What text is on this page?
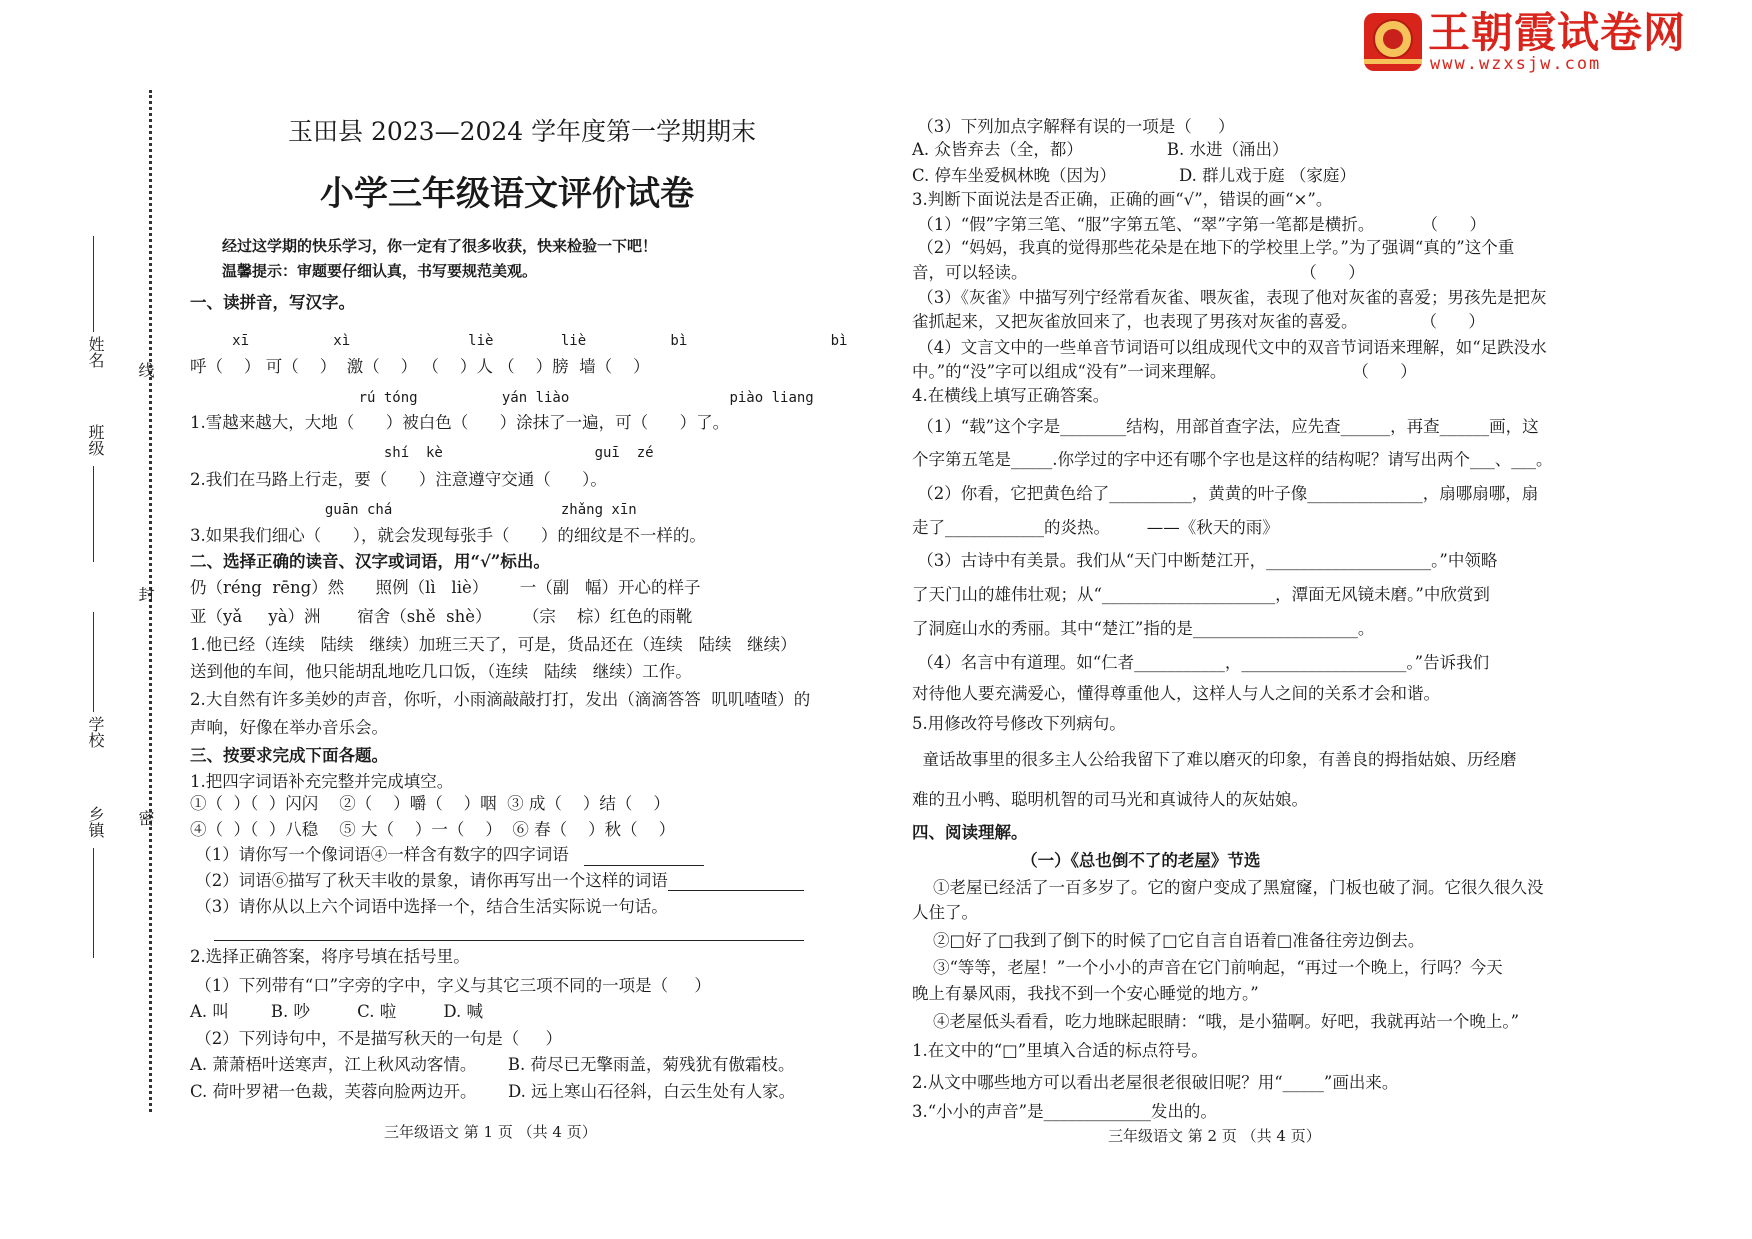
王朝霞试卷网
www.wzxsjw.com
姓名
班级
学校
乡镇
线
封
密
玉田县 2023—2024 学年度第一学期期末
小学三年级语文评价试卷
经过这学期的快乐学习，你一定有了很多收获，快来检验一下吧！
温馨提示：审题要仔细认真，书写要规范美观。
一、读拼音，写汉字。
xī          xì              liè        liè          bì                 bì
呼（    ） 可（    ）  激（    ） （    ）人 （    ）膀  墙（    ）
rú tóng          yán liào                   piào liang
1.雪越来越大，大地（      ）被白色（      ）涂抹了一遍，可（      ）了。
shí  kè                  guī  zé
2.我们在马路上行走，要（      ）注意遵守交通（      ）。
guān chá                    zhǎng xīn
3.如果我们细心（      ），就会发现每张手（      ）的细纹是不一样的。
二、选择正确的读音、汉字或词语，用“√”标出。
仍（réng  rēng）然      照例（lì   liè）      一（副   幅）开心的样子
亚（yǎ     yà）洲       宿舍（shě  shè）      （宗    棕）红色的雨靴
1.他已经（连续   陆续   继续）加班三天了，可是，货品还在（连续   陆续   继续）
送到他的车间，他只能胡乱地吃几口饭，（连续   陆续   继续）工作。
2.大自然有许多美妙的声音，你听，小雨滴敲敲打打，发出（滴滴答答  叽叽喳喳）的
声响，好像在举办音乐会。
三、按要求完成下面各题。
1.把四字词语补充完整并完成填空。
①（  ）（  ）闪闪    ②（    ）嚼（    ）咽  ③ 成（    ）结（    ）
④（  ）（  ）八稳    ⑤ 大（    ）一（    ）  ⑥ 春（    ）秋（    ）
（1）请你写一个像词语④一样含有数字的四字词语
（2）词语⑥描写了秋天丰收的景象，请你再写出一个这样的词语
（3）请你从以上六个词语中选择一个，结合生活实际说一句话。
2.选择正确答案，将序号填在括号里。
（1）下列带有“口”字旁的字中，字义与其它三项不同的一项是（     ）
A. 叫        B. 吵         C. 啦         D. 喊
（2）下列诗句中，不是描写秋天的一句是（     ）
A. 萧萧梧叶送寒声，江上秋风动客情。      B. 荷尽已无擎雨盖，菊残犹有傲霜枝。
C. 荷叶罗裙一色裁，芙蓉向脸两边开。      D. 远上寒山石径斜，白云生处有人家。
三年级语文 第 1 页 （共 4 页）
（3）下列加点字解释有误的一项是（     ）
A. 众皆弃去（全，都）                B. 水进（涌出）
C. 停车坐爱枫林晚（因为）            D. 群儿戏于庭 （家庭）
3.判断下面说法是否正确，正确的画“√”，错误的画“×”。
（1）“假”字第三笔、“服”字第五笔、“翠”字第一笔都是横折。         （      ）
（2）“妈妈，我真的觉得那些花朵是在地下的学校里上学。”为了强调“真的”这个重
音，可以轻读。                                                    （      ）
（3）《灰雀》中描写列宁经常看灰雀、喂灰雀，表现了他对灰雀的喜爱；男孩先是把灰
雀抓起来，又把灰雀放回来了，也表现了男孩对灰雀的喜爱。            （      ）
（4）文言文中的一些单音节词语可以组成现代文中的双音节词语来理解，如“足跌没水
中。”的“没”字可以组成“没有”一词来理解。                        （      ）
4.在横线上填写正确答案。
（1）“载”这个字是________结构，用部首查字法，应先查______，再查______画，这
个字第五笔是_____.你学过的字中还有哪个字也是这样的结构呢？请写出两个___、___。
（2）你看，它把黄色给了__________，黄黄的叶子像______________，扇哪扇哪，扇
走了____________的炎热。       ——《秋天的雨》
（3）古诗中有美景。我们从“天门中断楚江开，____________________。”中领略
了天门山的雄伟壮观；从“_____________________，潭面无风镜未磨。”中欣赏到
了洞庭山水的秀丽。其中“楚江”指的是____________________。
（4）名言中有道理。如“仁者___________，____________________。”告诉我们
对待他人要充满爱心，懂得尊重他人，这样人与人之间的关系才会和谐。
5.用修改符号修改下列病句。
童话故事里的很多主人公给我留下了难以磨灭的印象，有善良的拇指姑娘、历经磨
难的丑小鸭、聪明机智的司马光和真诚待人的灰姑娘。
四、阅读理解。
（一）《总也倒不了的老屋》节选
①老屋已经活了一百多岁了。它的窗户变成了黑窟窿，门板也破了洞。它很久很久没
人住了。
②□好了□我到了倒下的时候了□它自言自语着□准备往旁边倒去。
③“等等，老屋！”一个小小的声音在它门前响起，“再过一个晚上，行吗？今天
晚上有暴风雨，我找不到一个安心睡觉的地方。”
④老屋低头看看，吃力地眯起眼睛：“哦，是小猫啊。好吧，我就再站一个晚上。”
1.在文中的“□”里填入合适的标点符号。
2.从文中哪些地方可以看出老屋很老很破旧呢？用“_____”画出来。
3.“小小的声音”是_____________发出的。
三年级语文 第 2 页 （共 4 页）
